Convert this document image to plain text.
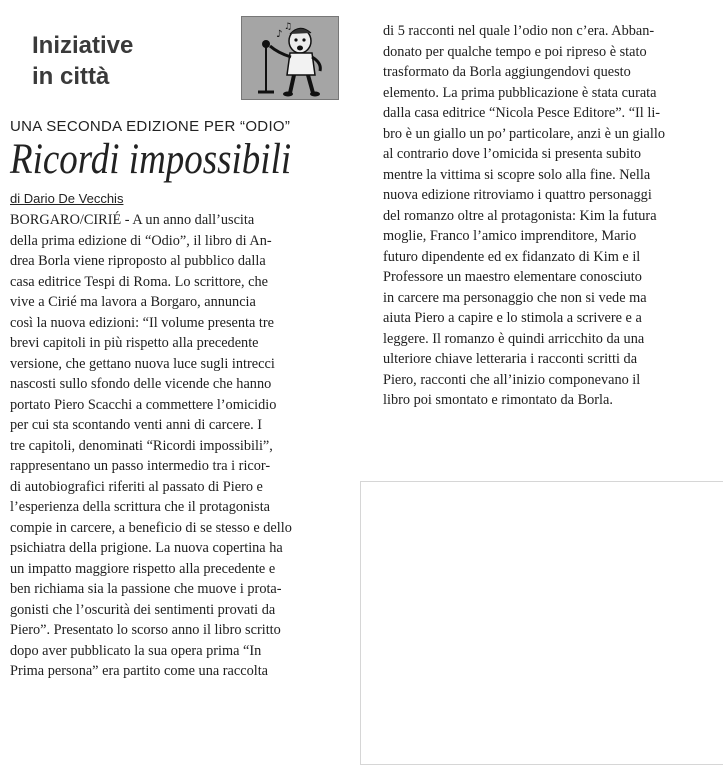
Iniziative
in città
♪
♫
UNA SECONDA EDIZIONE PER “ODIO”
Ricordi impossibili
di Dario De Vecchis
BORGARO/CIRIÉ - A un anno dall’uscita
della prima edizione di “Odio”, il libro di An-
drea Borla viene riproposto al pubblico dalla
casa editrice Tespi di Roma. Lo scrittore, che
vive a Cirié ma lavora a Borgaro, annuncia
così la nuova edizioni: “Il volume presenta tre
brevi capitoli in più rispetto alla precedente
versione, che gettano nuova luce sugli intrecci
nascosti sullo sfondo delle vicende che hanno
portato Piero Scacchi a commettere l’omicidio
per cui sta scontando venti anni di carcere. I
tre capitoli, denominati “Ricordi impossibili”,
rappresentano un passo intermedio tra i ricor-
di autobiografici riferiti al passato di Piero e
l’esperienza della scrittura che il protagonista
compie in carcere, a beneficio di se stesso e dello
psichiatra della prigione. La nuova copertina ha
un impatto maggiore rispetto alla precedente e
ben richiama sia la passione che muove i prota-
gonisti che l’oscurità dei sentimenti provati da
Piero”. Presentato lo scorso anno il libro scritto
dopo aver pubblicato la sua opera prima “In
Prima persona” era partito come una raccolta
di 5 racconti nel quale l’odio non c’era. Abban-
donato per qualche tempo e poi ripreso è stato
trasformato da Borla aggiungendovi questo
elemento. La prima pubblicazione è stata curata
dalla casa editrice “Nicola Pesce Editore”. “Il li-
bro è un giallo un po’ particolare, anzi è un giallo
al contrario dove l’omicida si presenta subito
mentre la vittima si scopre solo alla fine. Nella
nuova edizione ritroviamo i quattro personaggi
del romanzo oltre al protagonista: Kim la futura
moglie, Franco l’amico imprenditore, Mario
futuro dipendente ed ex fidanzato di Kim e il
Professore un maestro elementare conosciuto
in carcere ma personaggio che non si vede ma
aiuta Piero a capire e lo stimola a scrivere e a
leggere. Il romanzo è quindi arricchito da una
ulteriore chiave letteraria i racconti scritti da
Piero, racconti che all’inizio componevano il
libro poi smontato e rimontato da Borla.
